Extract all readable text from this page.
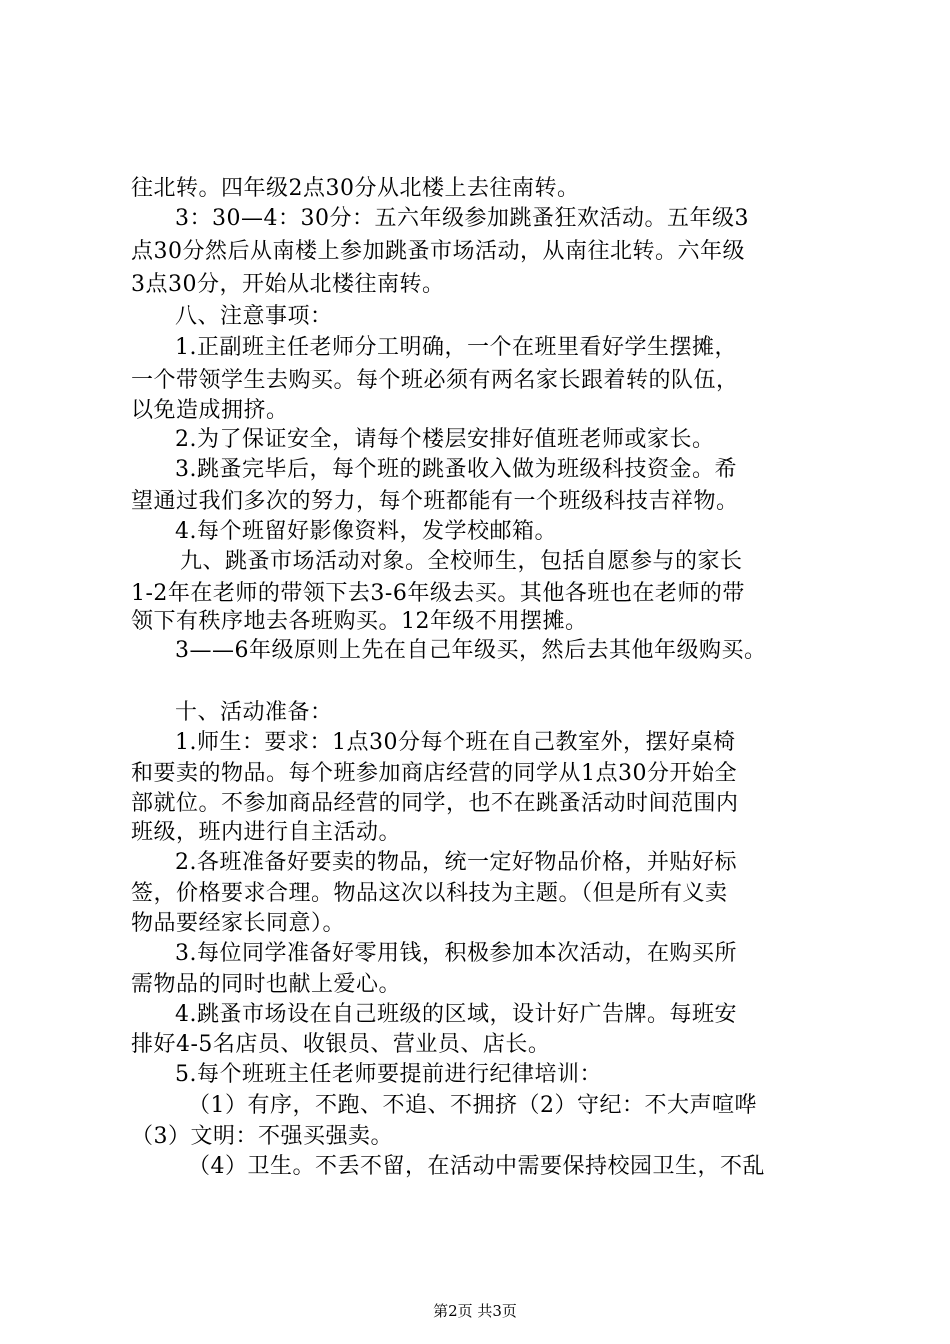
往北转。四年级2点30分从北楼上去往南转。
3：30—4：30分：五六年级参加跳蚤狂欢活动。五年级3
点30分然后从南楼上参加跳蚤市场活动，从南往北转。六年级
3点30分，开始从北楼往南转。
八、注意事项：
1.正副班主任老师分工明确，一个在班里看好学生摆摊，
一个带领学生去购买。每个班必须有两名家长跟着转的队伍，
以免造成拥挤。
2.为了保证安全，请每个楼层安排好值班老师或家长。
3.跳蚤完毕后，每个班的跳蚤收入做为班级科技资金。希
望通过我们多次的努力，每个班都能有一个班级科技吉祥物。
4.每个班留好影像资料，发学校邮箱。
九、跳蚤市场活动对象。全校师生，包括自愿参与的家长
1-2年在老师的带领下去3-6年级去买。其他各班也在老师的带
领下有秩序地去各班购买。12年级不用摆摊。
3——6年级原则上先在自己年级买，然后去其他年级购买。
十、活动准备：
1.师生：要求：1点30分每个班在自己教室外，摆好桌椅
和要卖的物品。每个班参加商店经营的同学从1点30分开始全
部就位。不参加商品经营的同学，也不在跳蚤活动时间范围内
班级，班内进行自主活动。
2.各班准备好要卖的物品，统一定好物品价格，并贴好标
签，价格要求合理。物品这次以科技为主题。（但是所有义卖
物品要经家长同意）。
3.每位同学准备好零用钱，积极参加本次活动，在购买所
需物品的同时也献上爱心。
4.跳蚤市场设在自己班级的区域，设计好广告牌。每班安
排好4-5名店员、收银员、营业员、店长。
5.每个班班主任老师要提前进行纪律培训：
（1）有序，不跑、不追、不拥挤（2）守纪：不大声喧哗
（3）文明：不强买强卖。
（4）卫生。不丢不留，在活动中需要保持校园卫生，不乱
第2页 共3页
